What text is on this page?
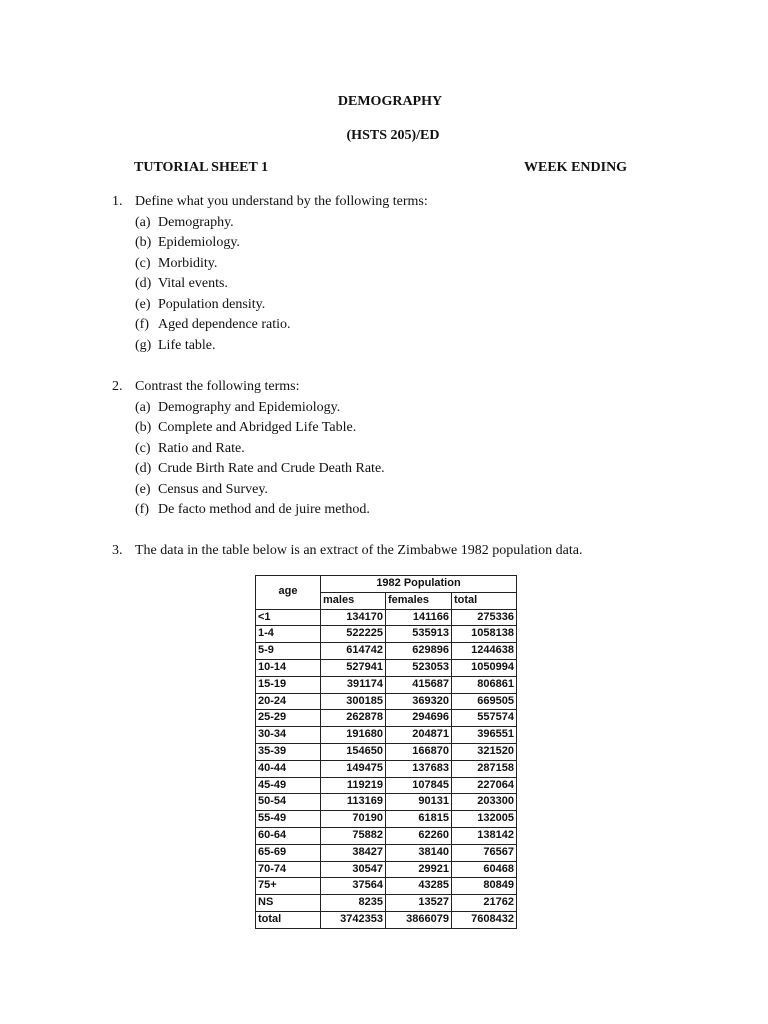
DEMOGRAPHY
(HSTS 205)/ED
TUTORIAL SHEET 1	WEEK ENDING
1. Define what you understand by the following terms:
(a) Demography.
(b) Epidemiology.
(c) Morbidity.
(d) Vital events.
(e) Population density.
(f) Aged dependence ratio.
(g) Life table.
2. Contrast the following terms:
(a) Demography and Epidemiology.
(b) Complete and Abridged Life Table.
(c) Ratio and Rate.
(d) Crude Birth Rate and Crude Death Rate.
(e) Census and Survey.
(f) De facto method and de juire method.
3. The data in the table below is an extract of the Zimbabwe 1982 population data.
age	1982 Population		
	males	females	total
<1	134170	141166	275336
1-4	522225	535913	1058138
5-9	614742	629896	1244638
10-14	527941	523053	1050994
15-19	391174	415687	806861
20-24	300185	369320	669505
25-29	262878	294696	557574
30-34	191680	204871	396551
35-39	154650	166870	321520
40-44	149475	137683	287158
45-49	119219	107845	227064
50-54	113169	90131	203300
55-49	70190	61815	132005
60-64	75882	62260	138142
65-69	38427	38140	76567
70-74	30547	29921	60468
75+	37564	43285	80849
NS	8235	13527	21762
total	3742353	3866079	7608432
